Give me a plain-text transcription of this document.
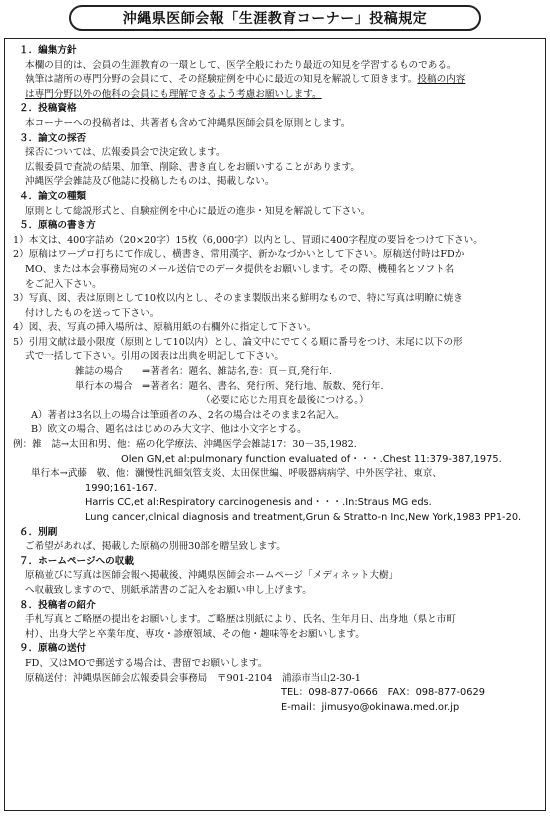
沖縄県医師会報「生涯教育コーナー」投稿規定
１．編集方針
本欄の目的は、会員の生涯教育の一環として、医学全般にわたり最近の知見を学習するものである。
執筆は諸所の専門分野の会員にて、その経験症例を中心に最近の知見を解説して頂きます。投稿の内容
は専門分野以外の他科の会員にも理解できるよう考慮お願いします。
２．投稿資格
本コーナーへの投稿者は、共著者も含めて沖縄県医師会員を原則とします。
３．論文の採否
採否については、広報委員会で決定致します。
広報委員で査読の結果、加筆、削除、書き直しをお願いすることがあります。
沖縄医学会雑誌及び他誌に投稿したものは、掲載しない。
４．論文の種類
原則として総説形式と、自験症例を中心に最近の進歩・知見を解説して下さい。
５．原稿の書き方
1）本文は、400字詰め（20×20字）15枚（6,000字）以内とし、冒頭に400字程度の要旨をつけて下さい。
2）原稿はワープロ打ちにて作成し、横書き、常用漢字、新かなづかいとして下さい。原稿送付時はFDか
MO、または本会事務局宛のメール送信でのデータ提供をお願いします。その際、機種名とソフト名
をご記入下さい。
3）写真、図、表は原則として10枚以内とし、そのまま製版出来る鮮明なもので、特に写真は明瞭に焼き
付けしたものを送って下さい。
4）図、表、写真の挿入場所は、原稿用紙の右欄外に指定して下さい。
5）引用文献は最小限度（原則として10以内）とし、論文中にでてくる順に番号をつけ、末尾に以下の形
式で一括して下さい。引用の図表は出典を明記して下さい。
雑誌の場合　　⇒著者名：題名、雑誌名,巻：頁－頁,発行年.
単行本の場合　⇒著者名：題名、書名、発行所、発行地、版数、発行年.
（必要に応じた用頁を最後につける。）
A）著者は3名以上の場合は筆頭者のみ、2名の場合はそのまま2名記入。
B）欧文の場合、題名ははじめのみ大文字、他は小文字とする。
例：雑　誌→太田和男、他：癌の化学療法、沖縄医学会雑誌17：30－35,1982.
Olen GN,et al:pulmonary function evaluated of・・・.Chest 11:379-387,1975.
単行本→武藤　敬、他：瀰慢性汎細気管支炎、太田保世編、呼吸器病病学、中外医学社、東京、
1990;161-167.
Harris CC,et al:Respiratory carcinogenesis and・・・.In:Straus MG eds.
Lung cancer,clnical diagnosis and treatment,Grun & Stratto-n Inc,New York,1983 PP1-20.
６．別刷
ご希望があれば、掲載した原稿の別冊30部を贈呈致します。
７．ホームページへの収載
原稿並びに写真は医師会報へ掲載後、沖縄県医師会ホームページ「メディネット大樹」
へ収載致しますので、別紙承諾書のご記入をお願い申し上げます。
８．投稿者の紹介
手札写真とご略歴の提出をお願いします。ご略歴は別紙により、氏名、生年月日、出身地（県と市町
村）、出身大学と卒業年度、専攻・診療領域、その他・趣味等をお願いします。
９．原稿の送付
FD、又はMOで郵送する場合は、書留でお願いします。
原稿送付：沖縄県医師会広報委員会事務局　〒901-2104　浦添市当山2-30-1
TEL：098-877-0666　FAX：098-877-0629
E-mail：jimusyo@okinawa.med.or.jp
